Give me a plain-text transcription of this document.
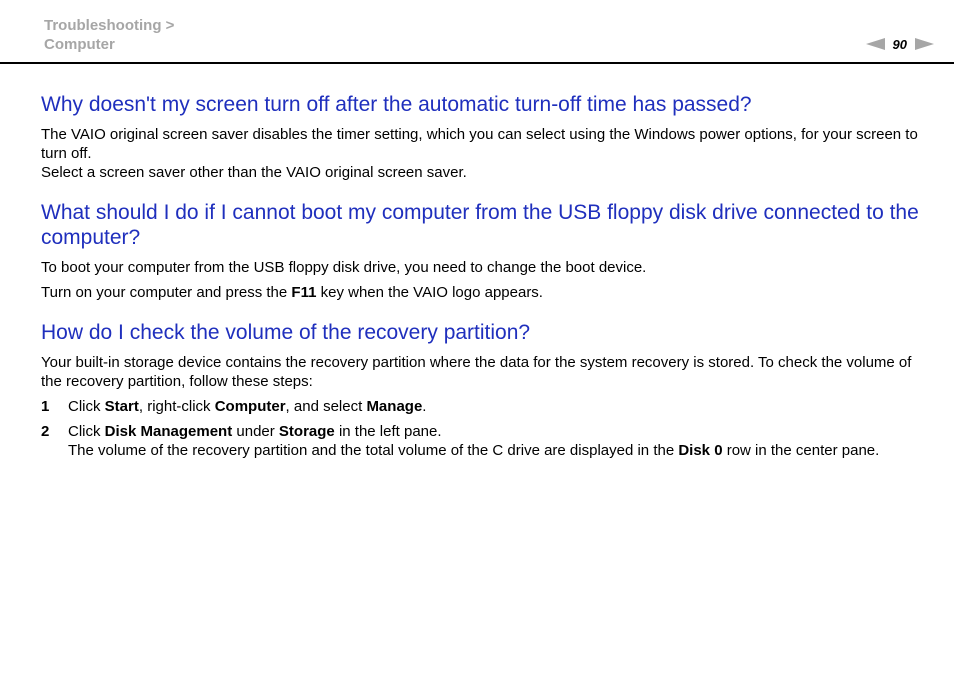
Troubleshooting >
Computer	90
Why doesn't my screen turn off after the automatic turn-off time has passed?

The VAIO original screen saver disables the timer setting, which you can select using the Windows power options, for your screen to turn off.

Select a screen saver other than the VAIO original screen saver.

What should I do if I cannot boot my computer from the USB floppy disk drive connected to the computer?

To boot your computer from the USB floppy disk drive, you need to change the boot device.

Turn on your computer and press the F11 key when the VAIO logo appears.

How do I check the volume of the recovery partition?

Your built-in storage device contains the recovery partition where the data for the system recovery is stored. To check the volume of the recovery partition, follow these steps:

1	Click Start, right-click Computer, and select Manage.
2	Click Disk Management under Storage in the left pane.
The volume of the recovery partition and the total volume of the C drive are displayed in the Disk 0 row in the center pane.
